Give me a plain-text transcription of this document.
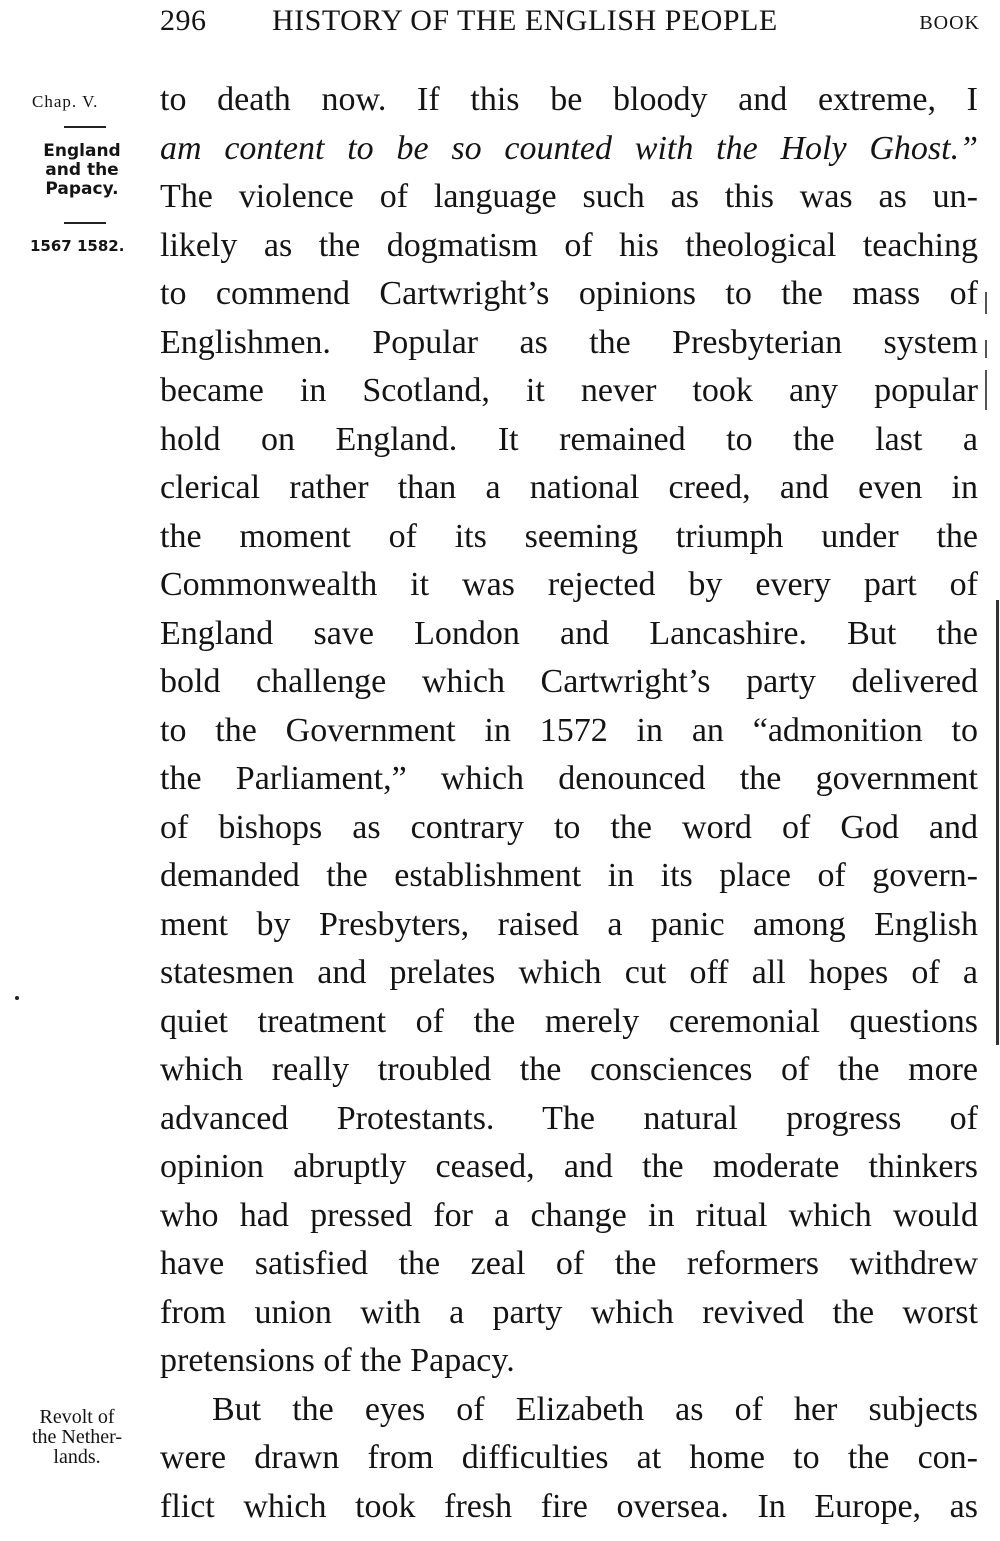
296 HISTORY OF THE ENGLISH PEOPLE	BOOK
Chap. V.
England
and the
Papacy.
1567 1582.
Revolt of
the Nether-
lands.
to death now. If this be bloody and extreme, I
am content to be so counted with the Holy Ghost.”
The violence of language such as this was as un-
likely as the dogmatism of his theological teaching
to commend Cartwright’s opinions to the mass of
Englishmen. Popular as the Presbyterian system
became in Scotland, it never took any popular
hold on England. It remained to the last a
clerical rather than a national creed, and even in
the moment of its seeming triumph under the
Commonwealth it was rejected by every part of
England save London and Lancashire. But the
bold challenge which Cartwright’s party delivered
to the Government in 1572 in an “admonition to
the Parliament,” which denounced the government
of bishops as contrary to the word of God and
demanded the establishment in its place of govern-
ment by Presbyters, raised a panic among English
statesmen and prelates which cut off all hopes of a
quiet treatment of the merely ceremonial questions
which really troubled the consciences of the more
advanced Protestants. The natural progress of
opinion abruptly ceased, and the moderate thinkers
who had pressed for a change in ritual which would
have satisfied the zeal of the reformers withdrew
from union with a party which revived the worst
pretensions of the Papacy.
But the eyes of Elizabeth as of her subjects
were drawn from difficulties at home to the con-
flict which took fresh fire oversea. In Europe, as
